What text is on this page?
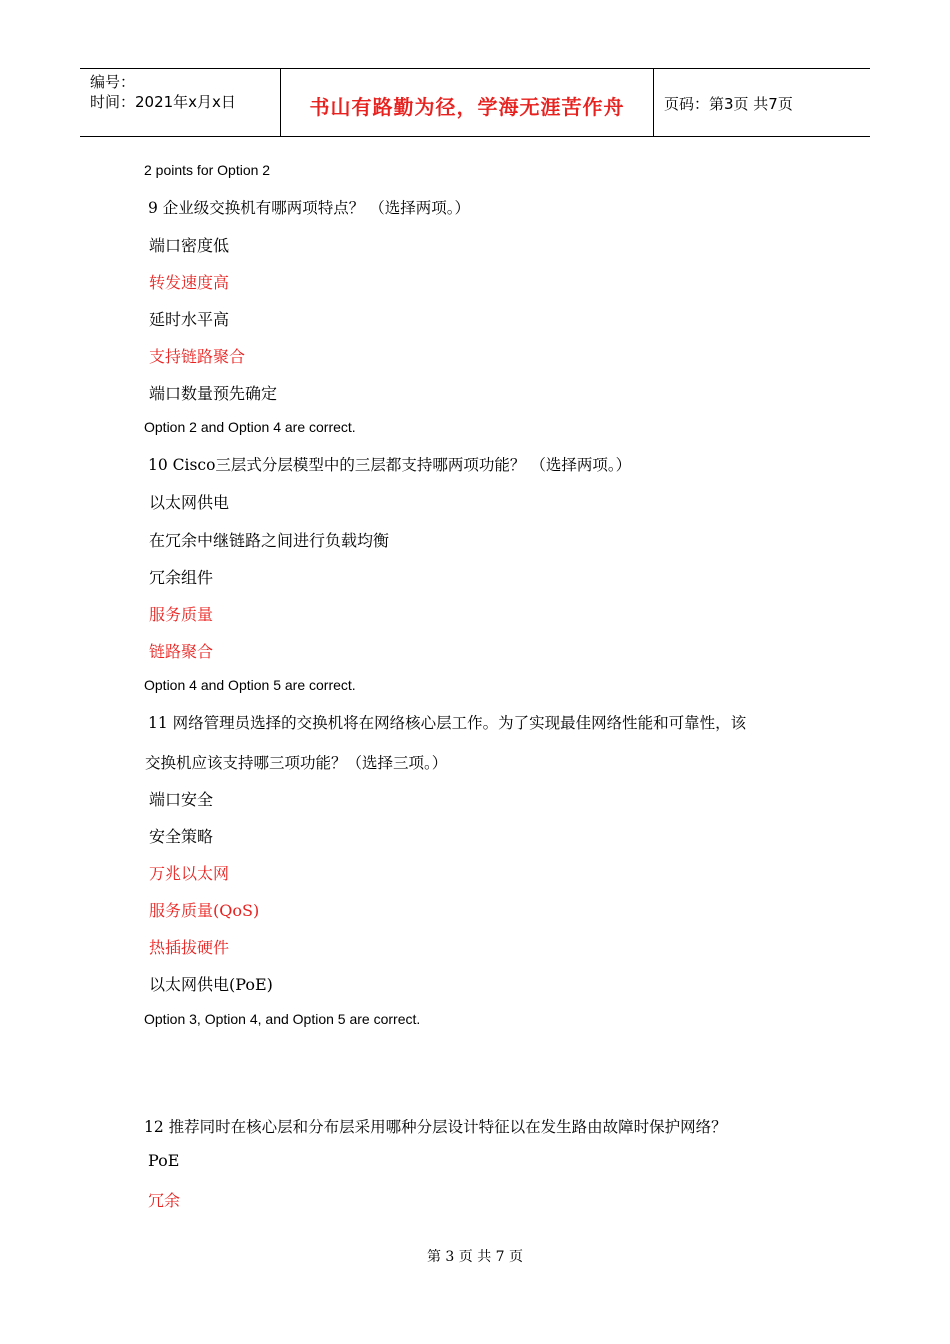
编号：
时间：2021年x月x日	书山有路勤为径，学海无涯苦作舟	页码：第3页 共7页
2 points for Option 2
9 企业级交换机有哪两项特点？ （选择两项。）
端口密度低
转发速度高
延时水平高
支持链路聚合
端口数量预先确定
Option 2 and Option 4 are correct.
10 Cisco三层式分层模型中的三层都支持哪两项功能？ （选择两项。）
以太网供电
在冗余中继链路之间进行负载均衡
冗余组件
服务质量
链路聚合
Option 4 and Option 5 are correct.
11 网络管理员选择的交换机将在网络核心层工作。为了实现最佳网络性能和可靠性，该
交换机应该支持哪三项功能？（选择三项。）
端口安全
安全策略
万兆以太网
服务质量(QoS)
热插拔硬件
以太网供电(PoE)
Option 3, Option 4, and Option 5 are correct.
12 推荐同时在核心层和分布层采用哪种分层设计特征以在发生路由故障时保护网络？
PoE
冗余
第 3 页 共 7 页
